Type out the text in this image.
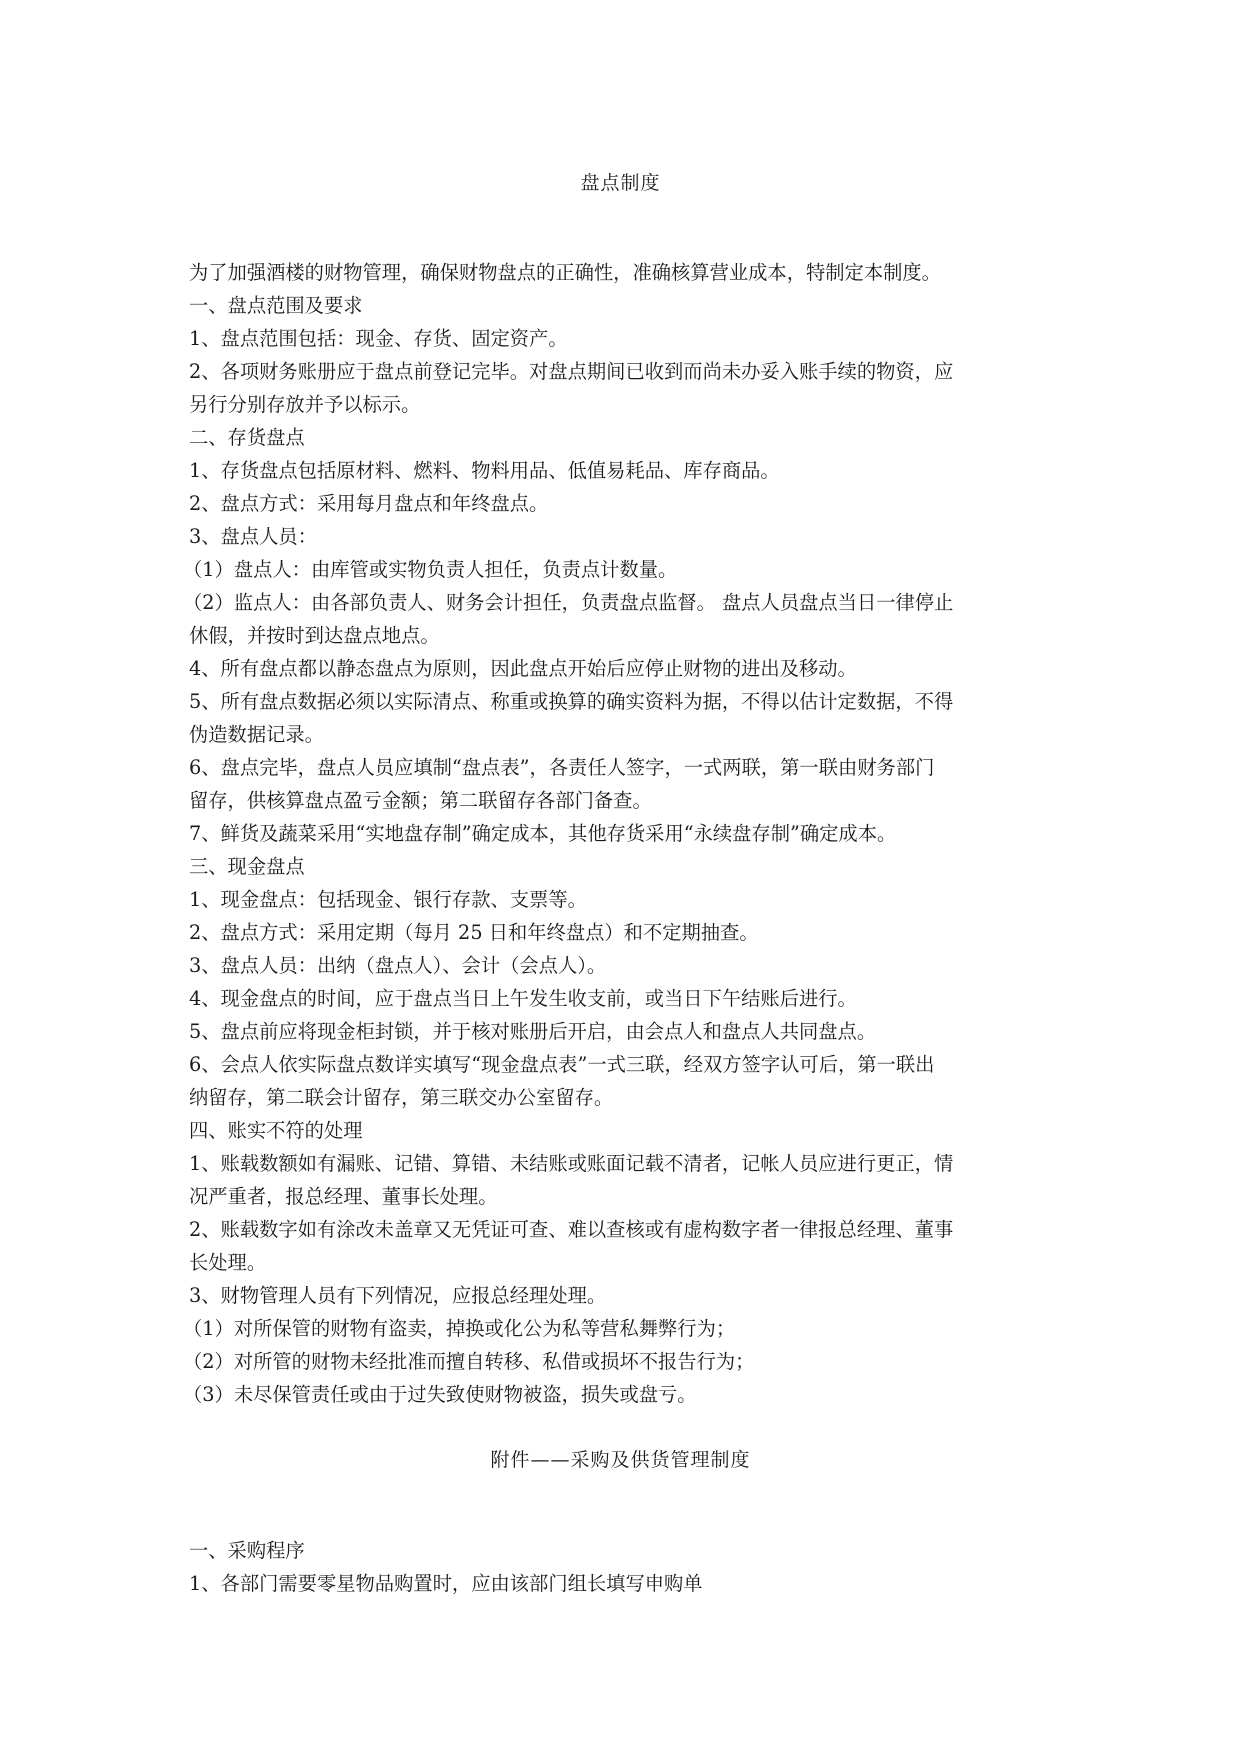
盘点制度
为了加强酒楼的财物管理，确保财物盘点的正确性，准确核算营业成本，特制定本制度。
一、盘点范围及要求
1、盘点范围包括：现金、存货、固定资产。
2、各项财务账册应于盘点前登记完毕。对盘点期间已收到而尚未办妥入账手续的物资，应
另行分别存放并予以标示。
二、存货盘点
1、存货盘点包括原材料、燃料、物料用品、低值易耗品、库存商品。
2、盘点方式：采用每月盘点和年终盘点。
3、盘点人员：
（1）盘点人：由库管或实物负责人担任，负责点计数量。
（2）监点人：由各部负责人、财务会计担任，负责盘点监督。 盘点人员盘点当日一律停止
休假，并按时到达盘点地点。
4、所有盘点都以静态盘点为原则，因此盘点开始后应停止财物的进出及移动。
5、所有盘点数据必须以实际清点、称重或换算的确实资料为据，不得以估计定数据，不得
伪造数据记录。
6、盘点完毕，盘点人员应填制“盘点表”，各责任人签字，一式两联，第一联由财务部门
留存，供核算盘点盈亏金额；第二联留存各部门备查。
7、鲜货及蔬菜采用“实地盘存制”确定成本，其他存货采用“永续盘存制”确定成本。
三、现金盘点
1、现金盘点：包括现金、银行存款、支票等。
2、盘点方式：采用定期（每月 25 日和年终盘点）和不定期抽查。
3、盘点人员：出纳（盘点人）、会计（会点人）。
4、现金盘点的时间，应于盘点当日上午发生收支前，或当日下午结账后进行。
5、盘点前应将现金柜封锁，并于核对账册后开启，由会点人和盘点人共同盘点。
6、会点人依实际盘点数详实填写“现金盘点表”一式三联，经双方签字认可后，第一联出
纳留存，第二联会计留存，第三联交办公室留存。
四、账实不符的处理
1、账载数额如有漏账、记错、算错、未结账或账面记载不清者，记帐人员应进行更正，情
况严重者，报总经理、董事长处理。
2、账载数字如有涂改未盖章又无凭证可查、难以查核或有虚构数字者一律报总经理、董事
长处理。
3、财物管理人员有下列情况，应报总经理处理。
（1）对所保管的财物有盗卖，掉换或化公为私等营私舞弊行为；
（2）对所管的财物未经批准而擅自转移、私借或损坏不报告行为；
（3）未尽保管责任或由于过失致使财物被盗，损失或盘亏。
附件——采购及供货管理制度
一、采购程序
1、各部门需要零星物品购置时，应由该部门组长填写申购单
